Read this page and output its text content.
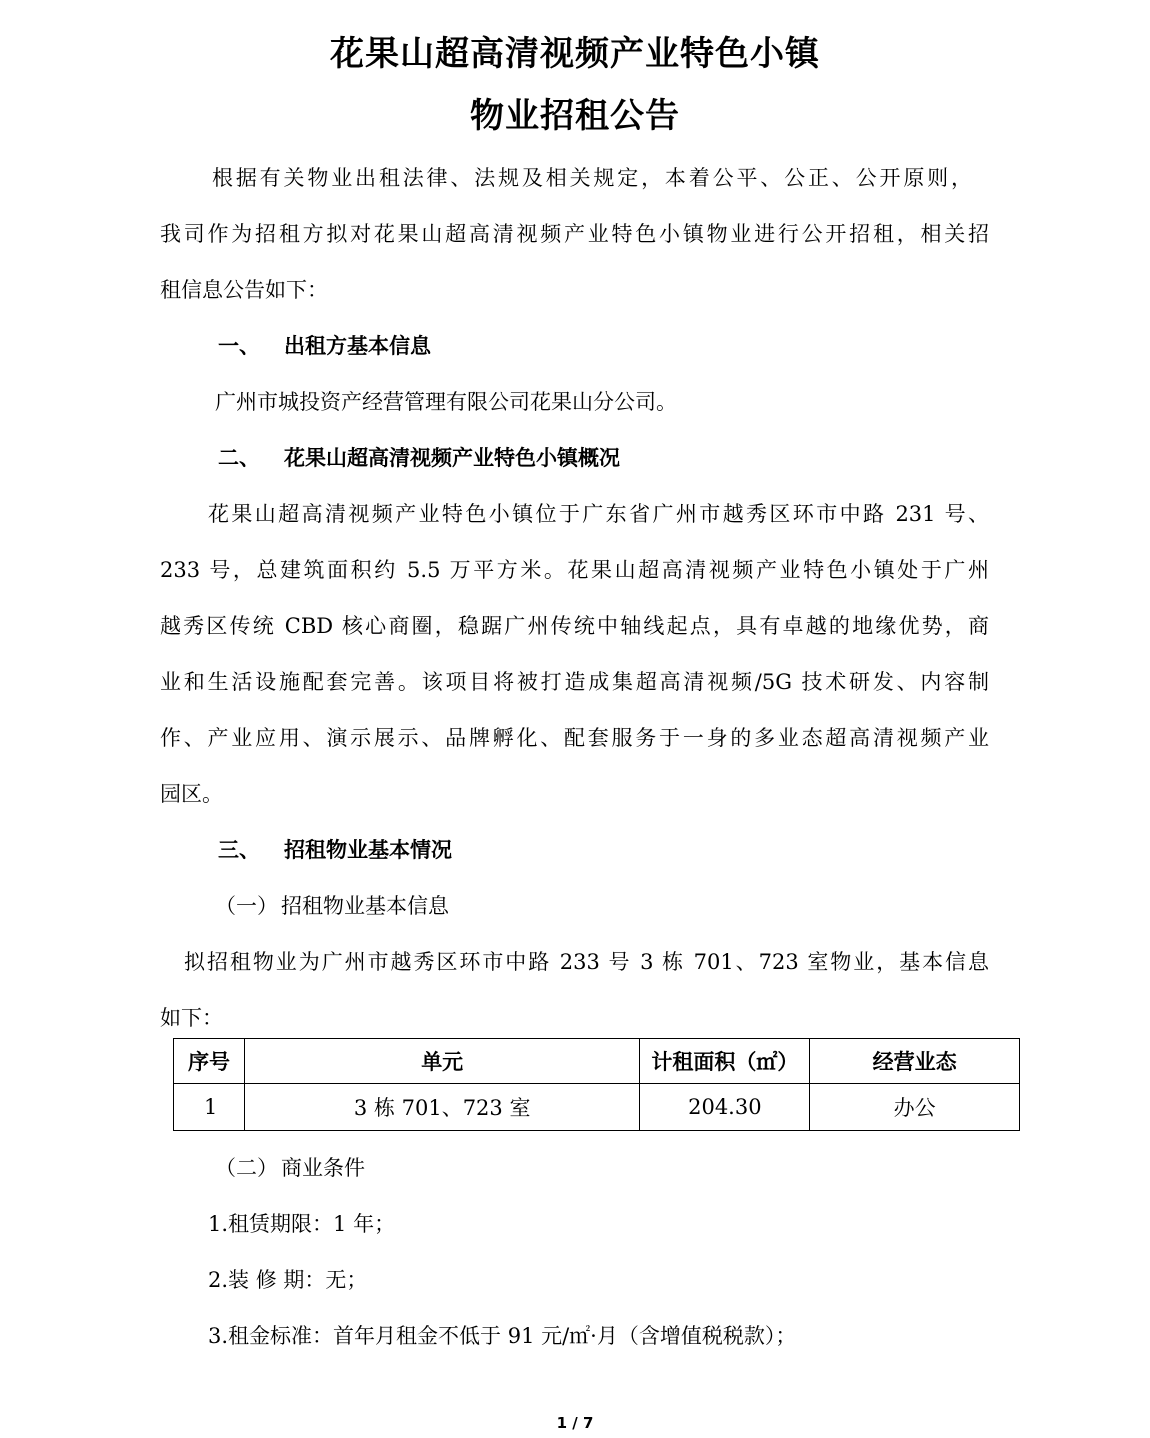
花果山超高清视频产业特色小镇
物业招租公告

根据有关物业出租法律、法规及相关规定，本着公平、公正、公开原则，

我司作为招租方拟对花果山超高清视频产业特色小镇物业进行公开招租，相关招

租信息公告如下：

一、 出租方基本信息

广州市城投资产经营管理有限公司花果山分公司。

二、 花果山超高清视频产业特色小镇概况

花果山超高清视频产业特色小镇位于广东省广州市越秀区环市中路 231 号、

233 号，总建筑面积约 5.5 万平方米。花果山超高清视频产业特色小镇处于广州

越秀区传统 CBD 核心商圈，稳踞广州传统中轴线起点，具有卓越的地缘优势，商

业和生活设施配套完善。该项目将被打造成集超高清视频/5G 技术研发、内容制

作、产业应用、演示展示、品牌孵化、配套服务于一身的多业态超高清视频产业

园区。

三、 招租物业基本情况
（一） 招租物业基本信息

拟招租物业为广州市越秀区环市中路 233 号 3 栋 701、723 室物业，基本信息

如下：

序号	单元	计租面积（㎡）	经营业态
1	3 栋 701、723 室	204.30	办公
（二） 商业条件

1.租赁期限：1 年；

2.装 修 期：无；

3.租金标准：首年月租金不低于 91 元/㎡·月（含增值税税款）；

1 / 7
